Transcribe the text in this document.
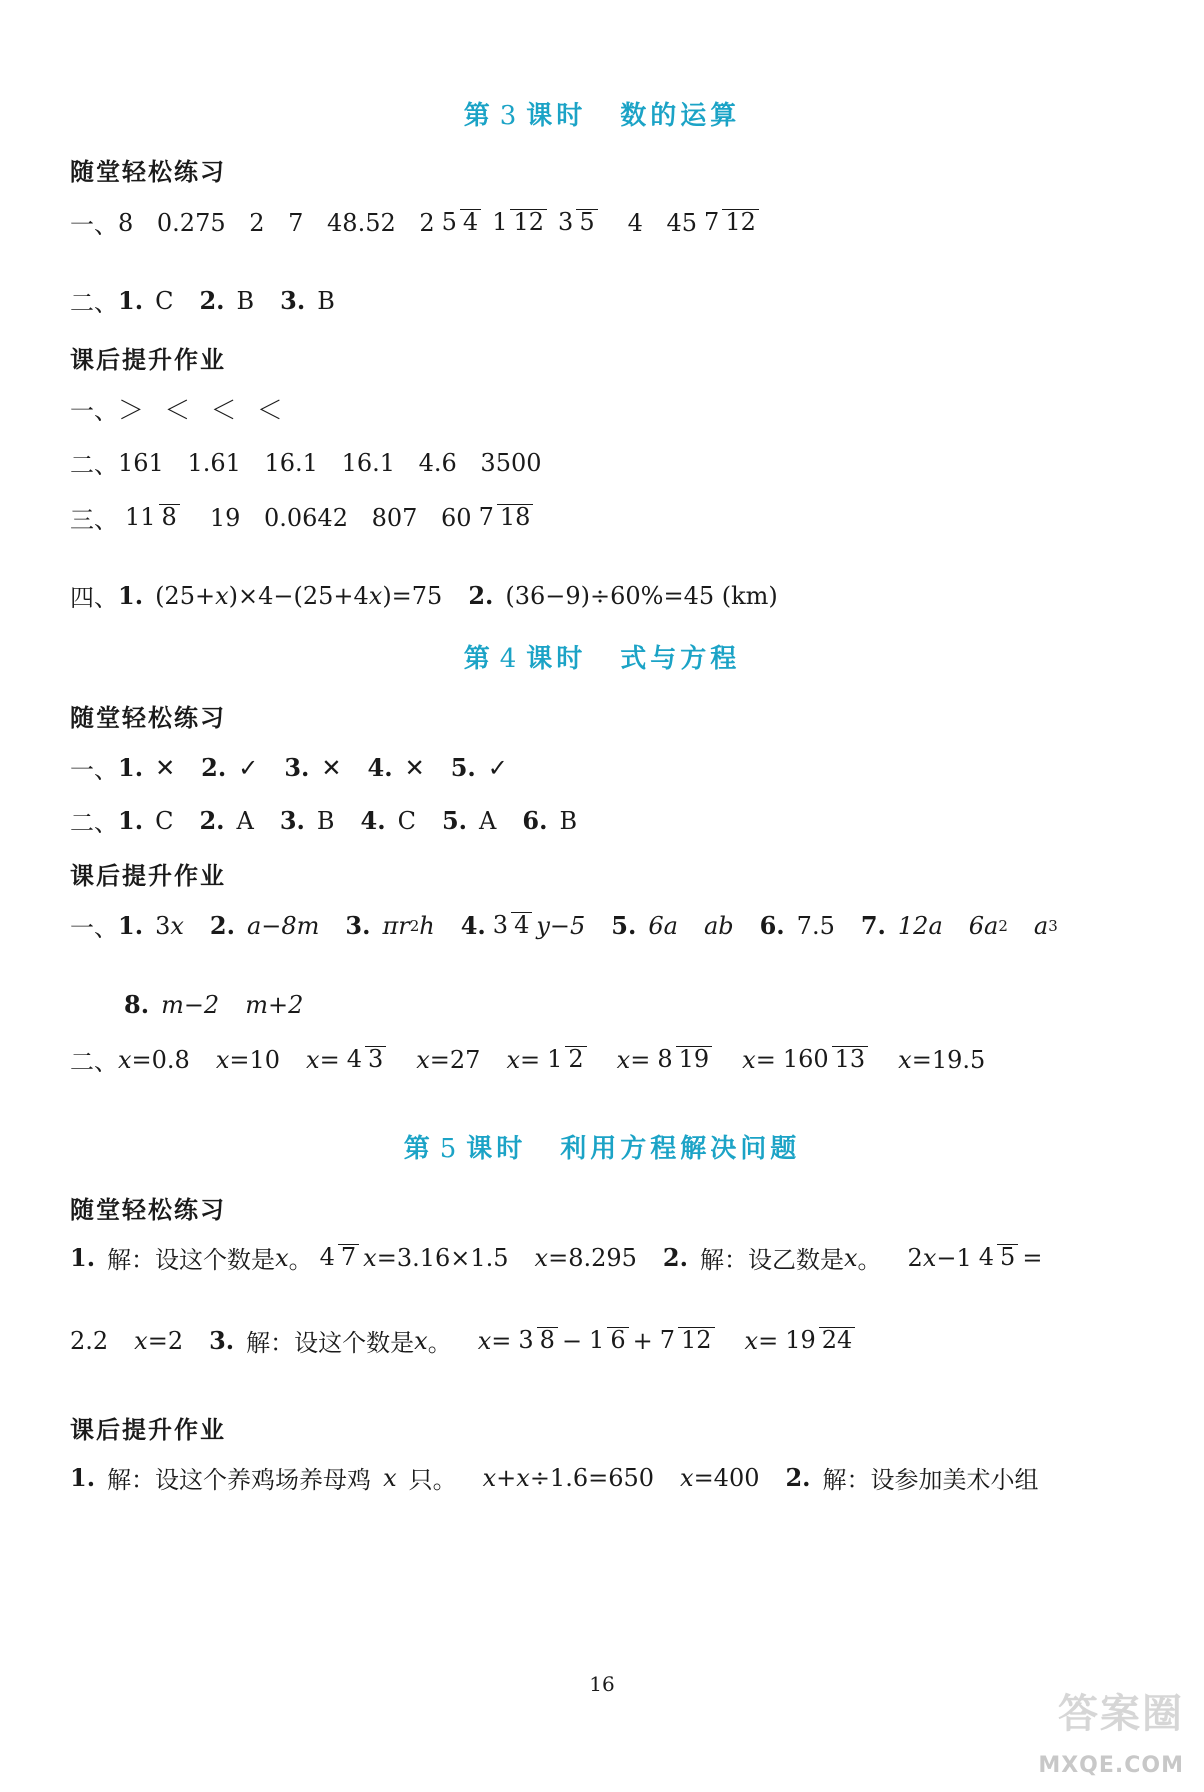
第 3 课时 数的运算
随堂轻松练习
一、 8 0.275 2 7 48.52 2 5 4 1 12 3 5 4 45 7 12
二、 1. C 2. B 3. B
课后提升作业
一、 ＞ ＜ ＜ ＜
二、 161 1.61 16.1 16.1 4.6 3500
三、 11 8 19 0.0642 807 60 7 18
四、 1. (25+ x )×4−(25+4 x )=75 2. (36−9)÷60%=45 (km)
第 4 课时 式与方程
随堂轻松练习
一、 1. ✕ 2. ✓ 3. ✕ 4. ✕ 5. ✓
二、 1. C 2. A 3. B 4. C 5. A 6. B
课后提升作业
一、 1. 3 x 2. a−8m 3. πr 2 h 4. 3 4 y−5 5. 6a ab 6. 7.5 7. 12a 6a 2 a 3
8. m−2 m+2
二、 x =0.8 x =10 x = 4 3 x =27 x = 1 2 x = 8 19 x = 160 13 x =19.5
第 5 课时 利用方程解决问题
随堂轻松练习
1. 解：设这个数是 x 。 4 7 x =3.16×1.5 x =8.295 2. 解：设乙数是 x 。 2 x −1 4 5 =
2.2 x =2 3. 解：设这个数是 x 。 x = 3 8 − 1 6 + 7 12 x = 19 24
课后提升作业
1. 解：设这个养鸡场养母鸡 x 只。 x + x ÷1.6=650 x =400 2. 解：设参加美术小组
16
答案圈
MXQE.COM
